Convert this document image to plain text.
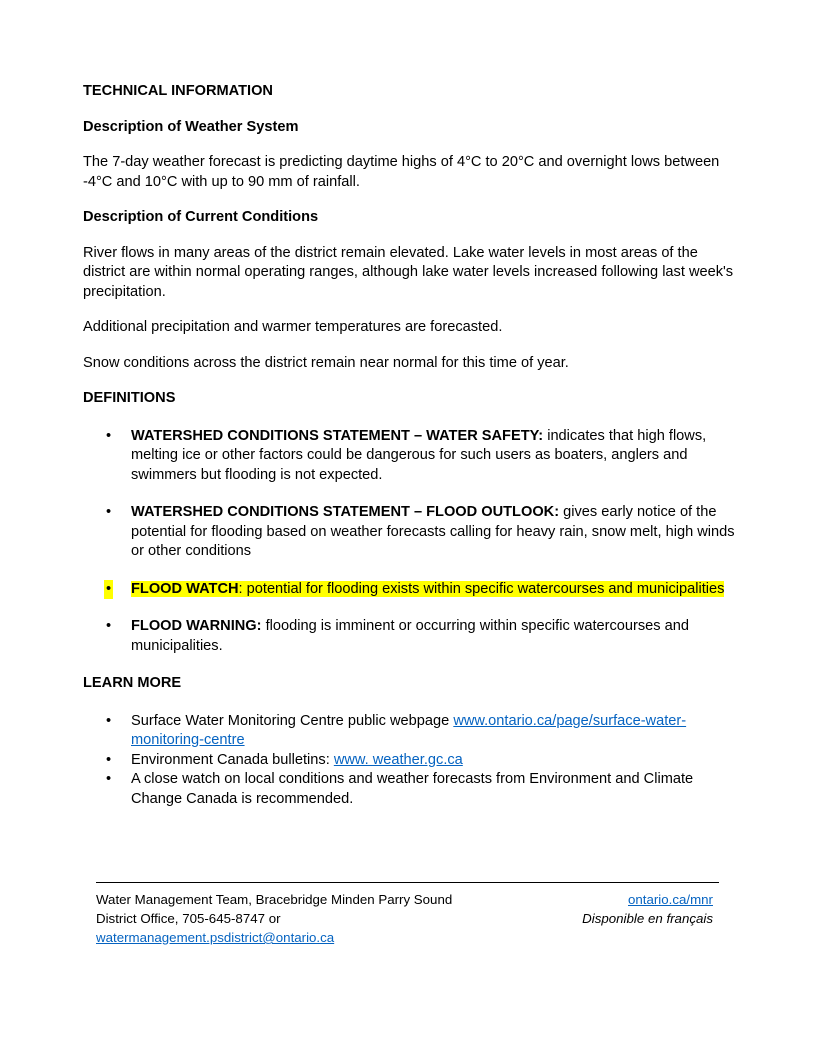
TECHNICAL INFORMATION
Description of Weather System

The 7-day weather forecast is predicting daytime highs of 4°C to 20°C and overnight lows between -4°C and 10°C with up to 90 mm of rainfall.

Description of Current Conditions

River flows in many areas of the district remain elevated. Lake water levels in most areas of the district are within normal operating ranges, although lake water levels increased following last week's precipitation.

Additional precipitation and warmer temperatures are forecasted.

Snow conditions across the district remain near normal for this time of year.

DEFINITIONS
• WATERSHED CONDITIONS STATEMENT – WATER SAFETY: indicates that high flows, melting ice or other factors could be dangerous for such users as boaters, anglers and swimmers but flooding is not expected.
• WATERSHED CONDITIONS STATEMENT – FLOOD OUTLOOK: gives early notice of the potential for flooding based on weather forecasts calling for heavy rain, snow melt, high winds or other conditions
• FLOOD WATCH: potential for flooding exists within specific watercourses and municipalities
• FLOOD WARNING: flooding is imminent or occurring within specific watercourses and municipalities.
LEARN MORE
• Surface Water Monitoring Centre public webpage www.ontario.ca/page/surface-water-monitoring-centre
• Environment Canada bulletins: www. weather.gc.ca
• A close watch on local conditions and weather forecasts from Environment and Climate Change Canada is recommended.
Water Management Team, Bracebridge Minden Parry Sound
District Office, 705-645-8747 or
watermanagement.psdistrict@ontario.ca
ontario.ca/mnr
Disponible en français
